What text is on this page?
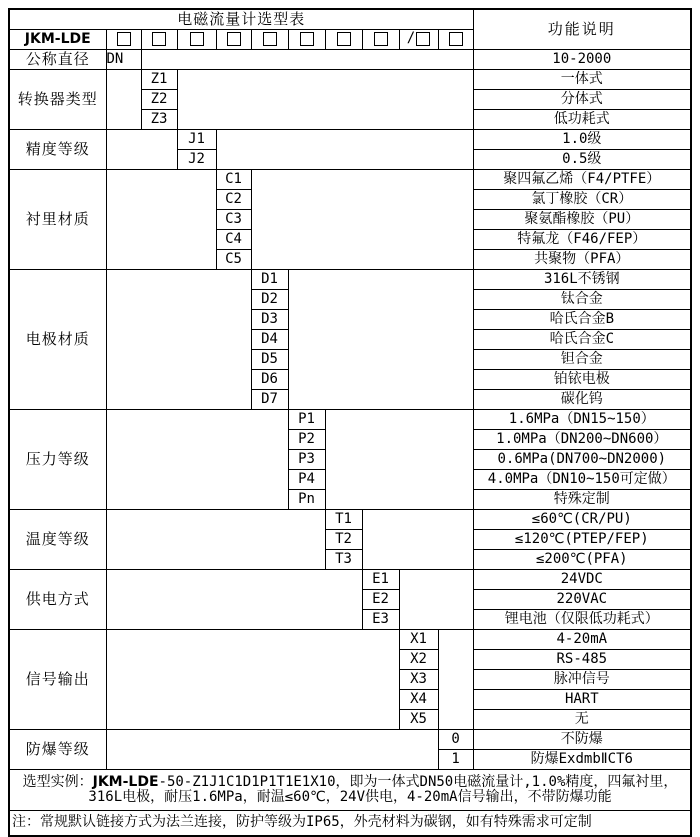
电磁流量计选型表											功能说明
JKM-LDE									/		
公称直径	DN										10-2000
转换器类型		Z1									一体式
		Z2									分体式
		Z3									低功耗式
精度等级			J1								1.0级
			J2								0.5级
衬里材质				C1							聚四氟乙烯（F4/PTFE）
				C2							氯丁橡胶（CR）
				C3							聚氨酯橡胶（PU）
				C4							特氟龙（F46/FEP）
				C5							共聚物（PFA）
电极材质					D1						316L不锈钢
					D2						钛合金
					D3						哈氏合金B
					D4						哈氏合金C
					D5						钽合金
					D6						铂铱电极
					D7						碳化钨
压力等级						P1					1.6MPa（DN15~150）
						P2					1.0MPa（DN200~DN600）
						P3					0.6MPa(DN700~DN2000)
						P4					4.0MPa（DN10~150可定做）
						Pn					特殊定制
温度等级							T1				≤60℃(CR/PU)
							T2				≤120℃(PTEP/FEP)
							T3				≤200℃(PFA)
供电方式								E1			24VDC
								E2			220VAC
								E3			锂电池（仅限低功耗式）
信号输出									X1		4-20mA
									X2		RS-485
									X3		脉冲信号
									X4		HART
									X5		无
防爆等级										0	不防爆
										1	防爆ExdmbⅡCT6

选型实例：JKM-LDE-50-Z1J1C1D1P1T1E1X10，即为一体式DN50电磁流量计,1.0%精度，四氟衬里，
316L电极，耐压1.6MPa，耐温≤60℃，24V供电，4-20mA信号输出，不带防爆功能											

注：常规默认链接方式为法兰连接，防护等级为IP65，外壳材料为碳钢，如有特殊需求可定制											
